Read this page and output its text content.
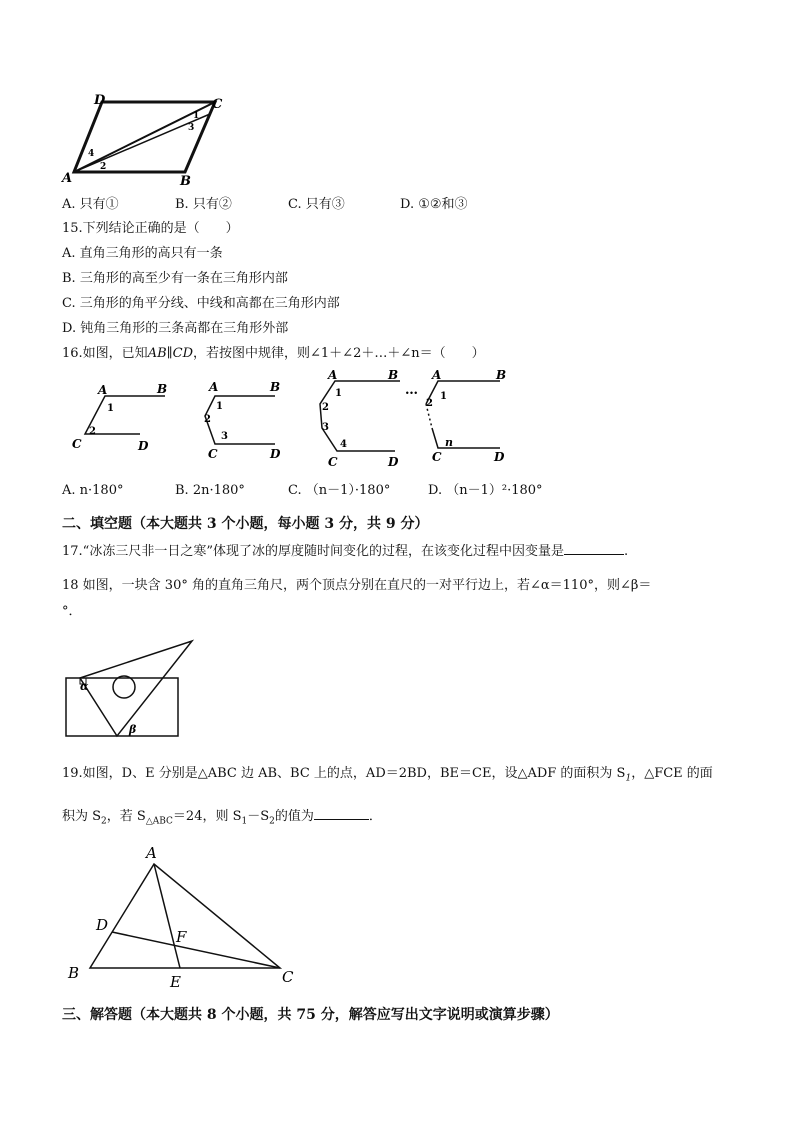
D	C
A	B
1
3
4
2
A. 只有①	B. 只有②	C. 只有③	D. ①②和③
15.下列结论正确的是（　　）
A. 直角三角形的高只有一条
B. 三角形的高至少有一条在三角形内部
C. 三角形的角平分线、中线和高都在三角形内部
D. 钝角三角形的三条高都在三角形外部
16.如图，已知AB∥CD，若按图中规律，则∠1＋∠2＋…＋∠n＝（　　）
A	B
C	D
1
2
A	B
C	D
1
2
3
A	B
C	D
1
2
3
4
…
A	B
C	D
2
1
n
A. n·180°	B. 2n·180°	C. （n－1）·180°	D. （n－1）²·180°
二、填空题（本大题共 3 个小题，每小题 3 分，共 9 分）
17.“冰冻三尺非一日之寒”体现了冰的厚度随时间变化的过程，在该变化过程中因变量是	.
18 如图，一块含 30° 角的直角三角尺，两个顶点分别在直尺的一对平行边上，若∠α＝110°，则∠β＝
°．
α
β
19.如图，D、E 分别是△ABC 边 AB、BC 上的点，AD＝2BD，BE＝CE，设△ADF 的面积为 $S_1$，△FCE 的面
积为 $S_2$，若 $S_{\triangle ABC}=24$，则 $S_1-S_2$的值为	．
A
B	C
D
E
F
三、解答题（本大题共 8 个小题，共 75 分，解答应写出文字说明或演算步骤）
